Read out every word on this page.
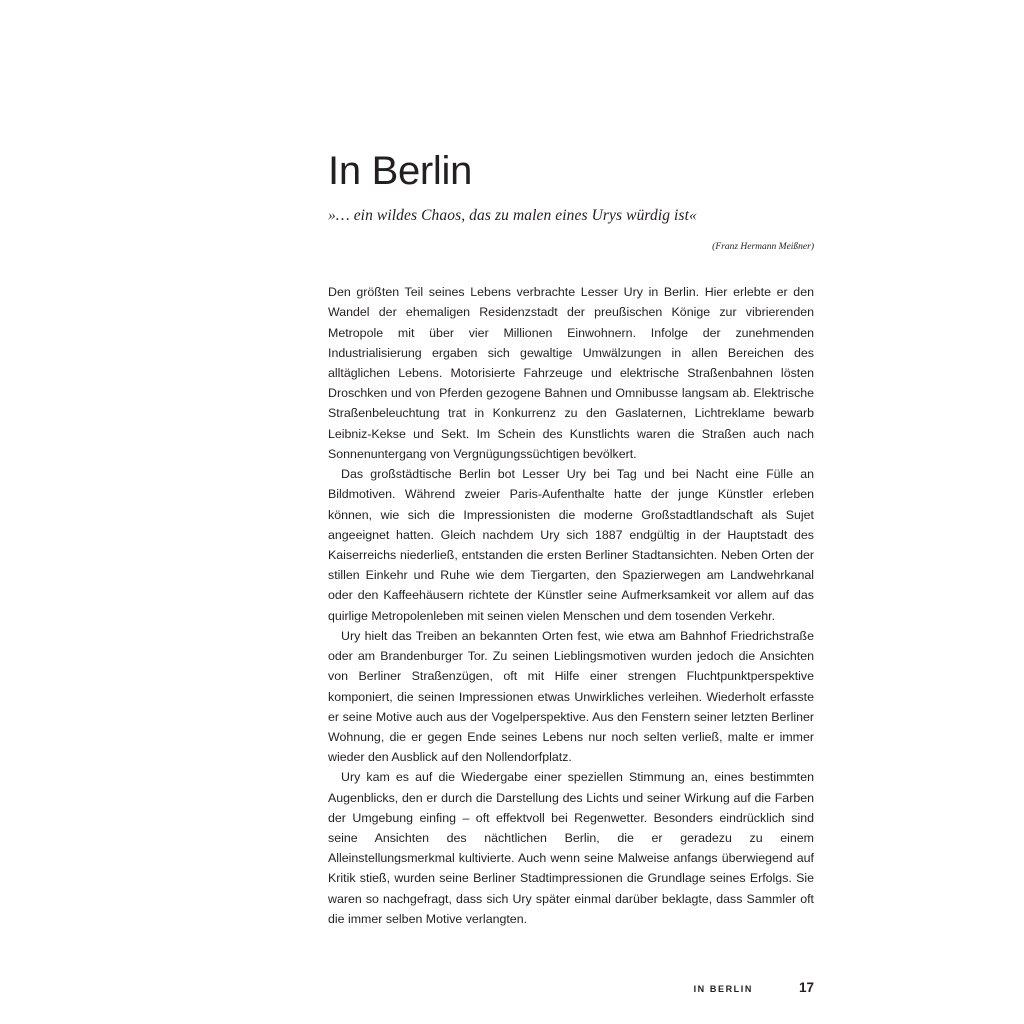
In Berlin

»… ein wildes Chaos, das zu malen eines Urys würdig ist«

(Franz Hermann Meißner)

Den größten Teil seines Lebens verbrachte Lesser Ury in Berlin. Hier erlebte er den Wandel der ehemaligen Residenzstadt der preußischen Könige zur vibrierenden Metropole mit über vier Millionen Einwohnern. Infolge der zunehmenden Industrialisierung ergaben sich gewaltige Umwälzungen in allen Bereichen des alltäglichen Lebens. Motorisierte Fahrzeuge und elektrische Straßenbahnen lösten Droschken und von Pferden gezogene Bahnen und Omnibusse langsam ab. Elektrische Straßenbeleuchtung trat in Konkurrenz zu den Gaslaternen, Lichtreklame bewarb Leibniz-Kekse und Sekt. Im Schein des Kunstlichts waren die Straßen auch nach Sonnenuntergang von Vergnügungssüchtigen bevölkert.

Das großstädtische Berlin bot Lesser Ury bei Tag und bei Nacht eine Fülle an Bildmotiven. Während zweier Paris-Aufenthalte hatte der junge Künstler erleben können, wie sich die Impressionisten die moderne Großstadtlandschaft als Sujet angeeignet hatten. Gleich nachdem Ury sich 1887 endgültig in der Hauptstadt des Kaiserreichs niederließ, entstanden die ersten Berliner Stadtansichten. Neben Orten der stillen Einkehr und Ruhe wie dem Tiergarten, den Spazierwegen am Landwehrkanal oder den Kaffeehäusern richtete der Künstler seine Aufmerksamkeit vor allem auf das quirlige Metropolenleben mit seinen vielen Menschen und dem tosenden Verkehr.

Ury hielt das Treiben an bekannten Orten fest, wie etwa am Bahnhof Friedrichstraße oder am Brandenburger Tor. Zu seinen Lieblingsmotiven wurden jedoch die Ansichten von Berliner Straßenzügen, oft mit Hilfe einer strengen Fluchtpunktperspektive komponiert, die seinen Impressionen etwas Unwirkliches verleihen. Wiederholt erfasste er seine Motive auch aus der Vogelperspektive. Aus den Fenstern seiner letzten Berliner Wohnung, die er gegen Ende seines Lebens nur noch selten verließ, malte er immer wieder den Ausblick auf den Nollendorfplatz.

Ury kam es auf die Wiedergabe einer speziellen Stimmung an, eines bestimmten Augenblicks, den er durch die Darstellung des Lichts und seiner Wirkung auf die Farben der Umgebung einfing – oft effektvoll bei Regenwetter. Besonders eindrücklich sind seine Ansichten des nächtlichen Berlin, die er geradezu zu einem Alleinstellungsmerkmal kultivierte. Auch wenn seine Malweise anfangs überwiegend auf Kritik stieß, wurden seine Berliner Stadtimpressionen die Grundlage seines Erfolgs. Sie waren so nachgefragt, dass sich Ury später einmal darüber beklagte, dass Sammler oft die immer selben Motive verlangten.

IN BERLIN	17
